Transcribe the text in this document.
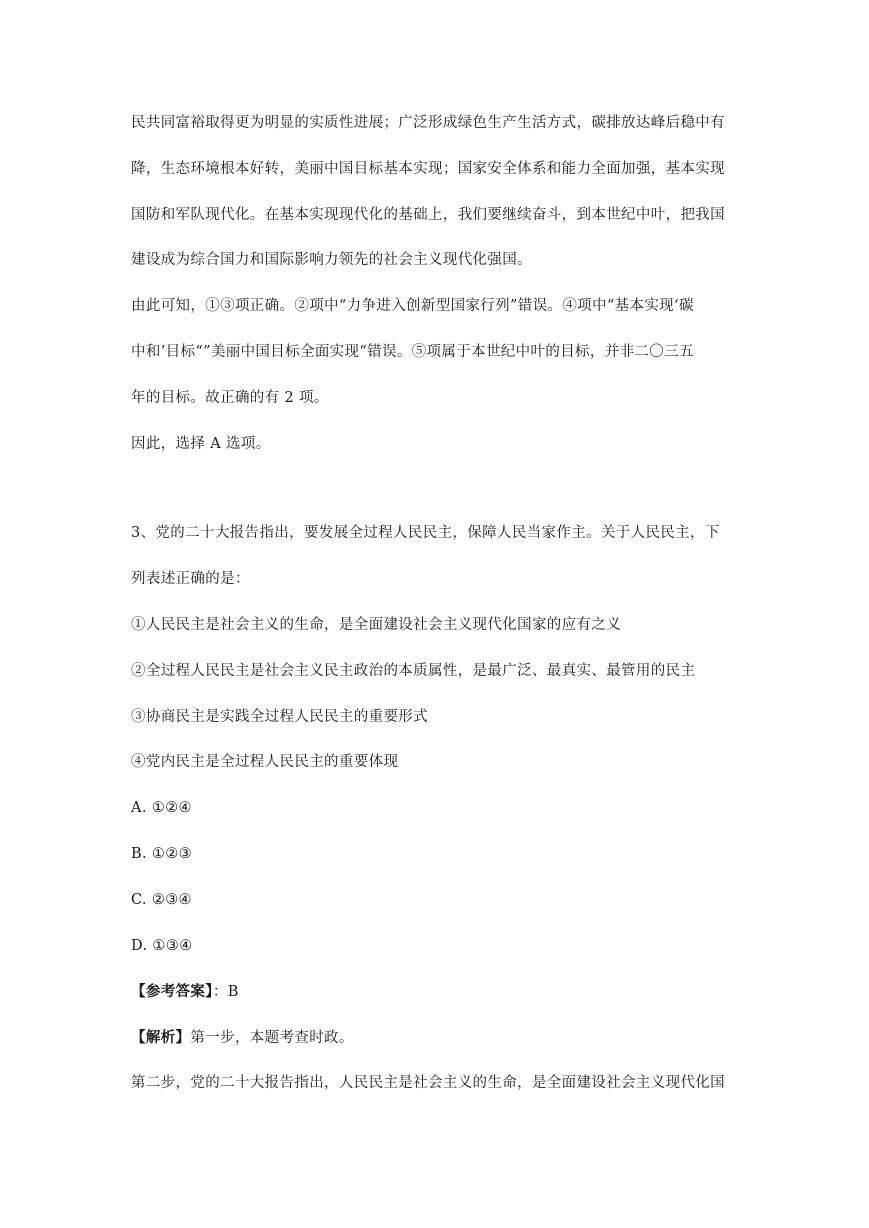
民共同富裕取得更为明显的实质性进展；广泛形成绿色生产生活方式，碳排放达峰后稳中有
降，生态环境根本好转，美丽中国目标基本实现；国家安全体系和能力全面加强，基本实现
国防和军队现代化。在基本实现现代化的基础上，我们要继续奋斗，到本世纪中叶，把我国
建设成为综合国力和国际影响力领先的社会主义现代化强国。
由此可知，①③项正确。②项中“力争进入创新型国家行列”错误。④项中“基本实现‘碳
中和’目标“”美丽中国目标全面实现“错误。⑤项属于本世纪中叶的目标，并非二〇三五
年的目标。故正确的有 2 项。
因此，选择 A 选项。
3、党的二十大报告指出，要发展全过程人民民主，保障人民当家作主。关于人民民主，下
列表述正确的是：
①人民民主是社会主义的生命，是全面建设社会主义现代化国家的应有之义
②全过程人民民主是社会主义民主政治的本质属性，是最广泛、最真实、最管用的民主
③协商民主是实践全过程人民民主的重要形式
④党内民主是全过程人民民主的重要体现
A. ①②④
B. ①②③
C. ②③④
D. ①③④
【参考答案】：B
【解析】第一步，本题考查时政。
第二步，党的二十大报告指出，人民民主是社会主义的生命，是全面建设社会主义现代化国
